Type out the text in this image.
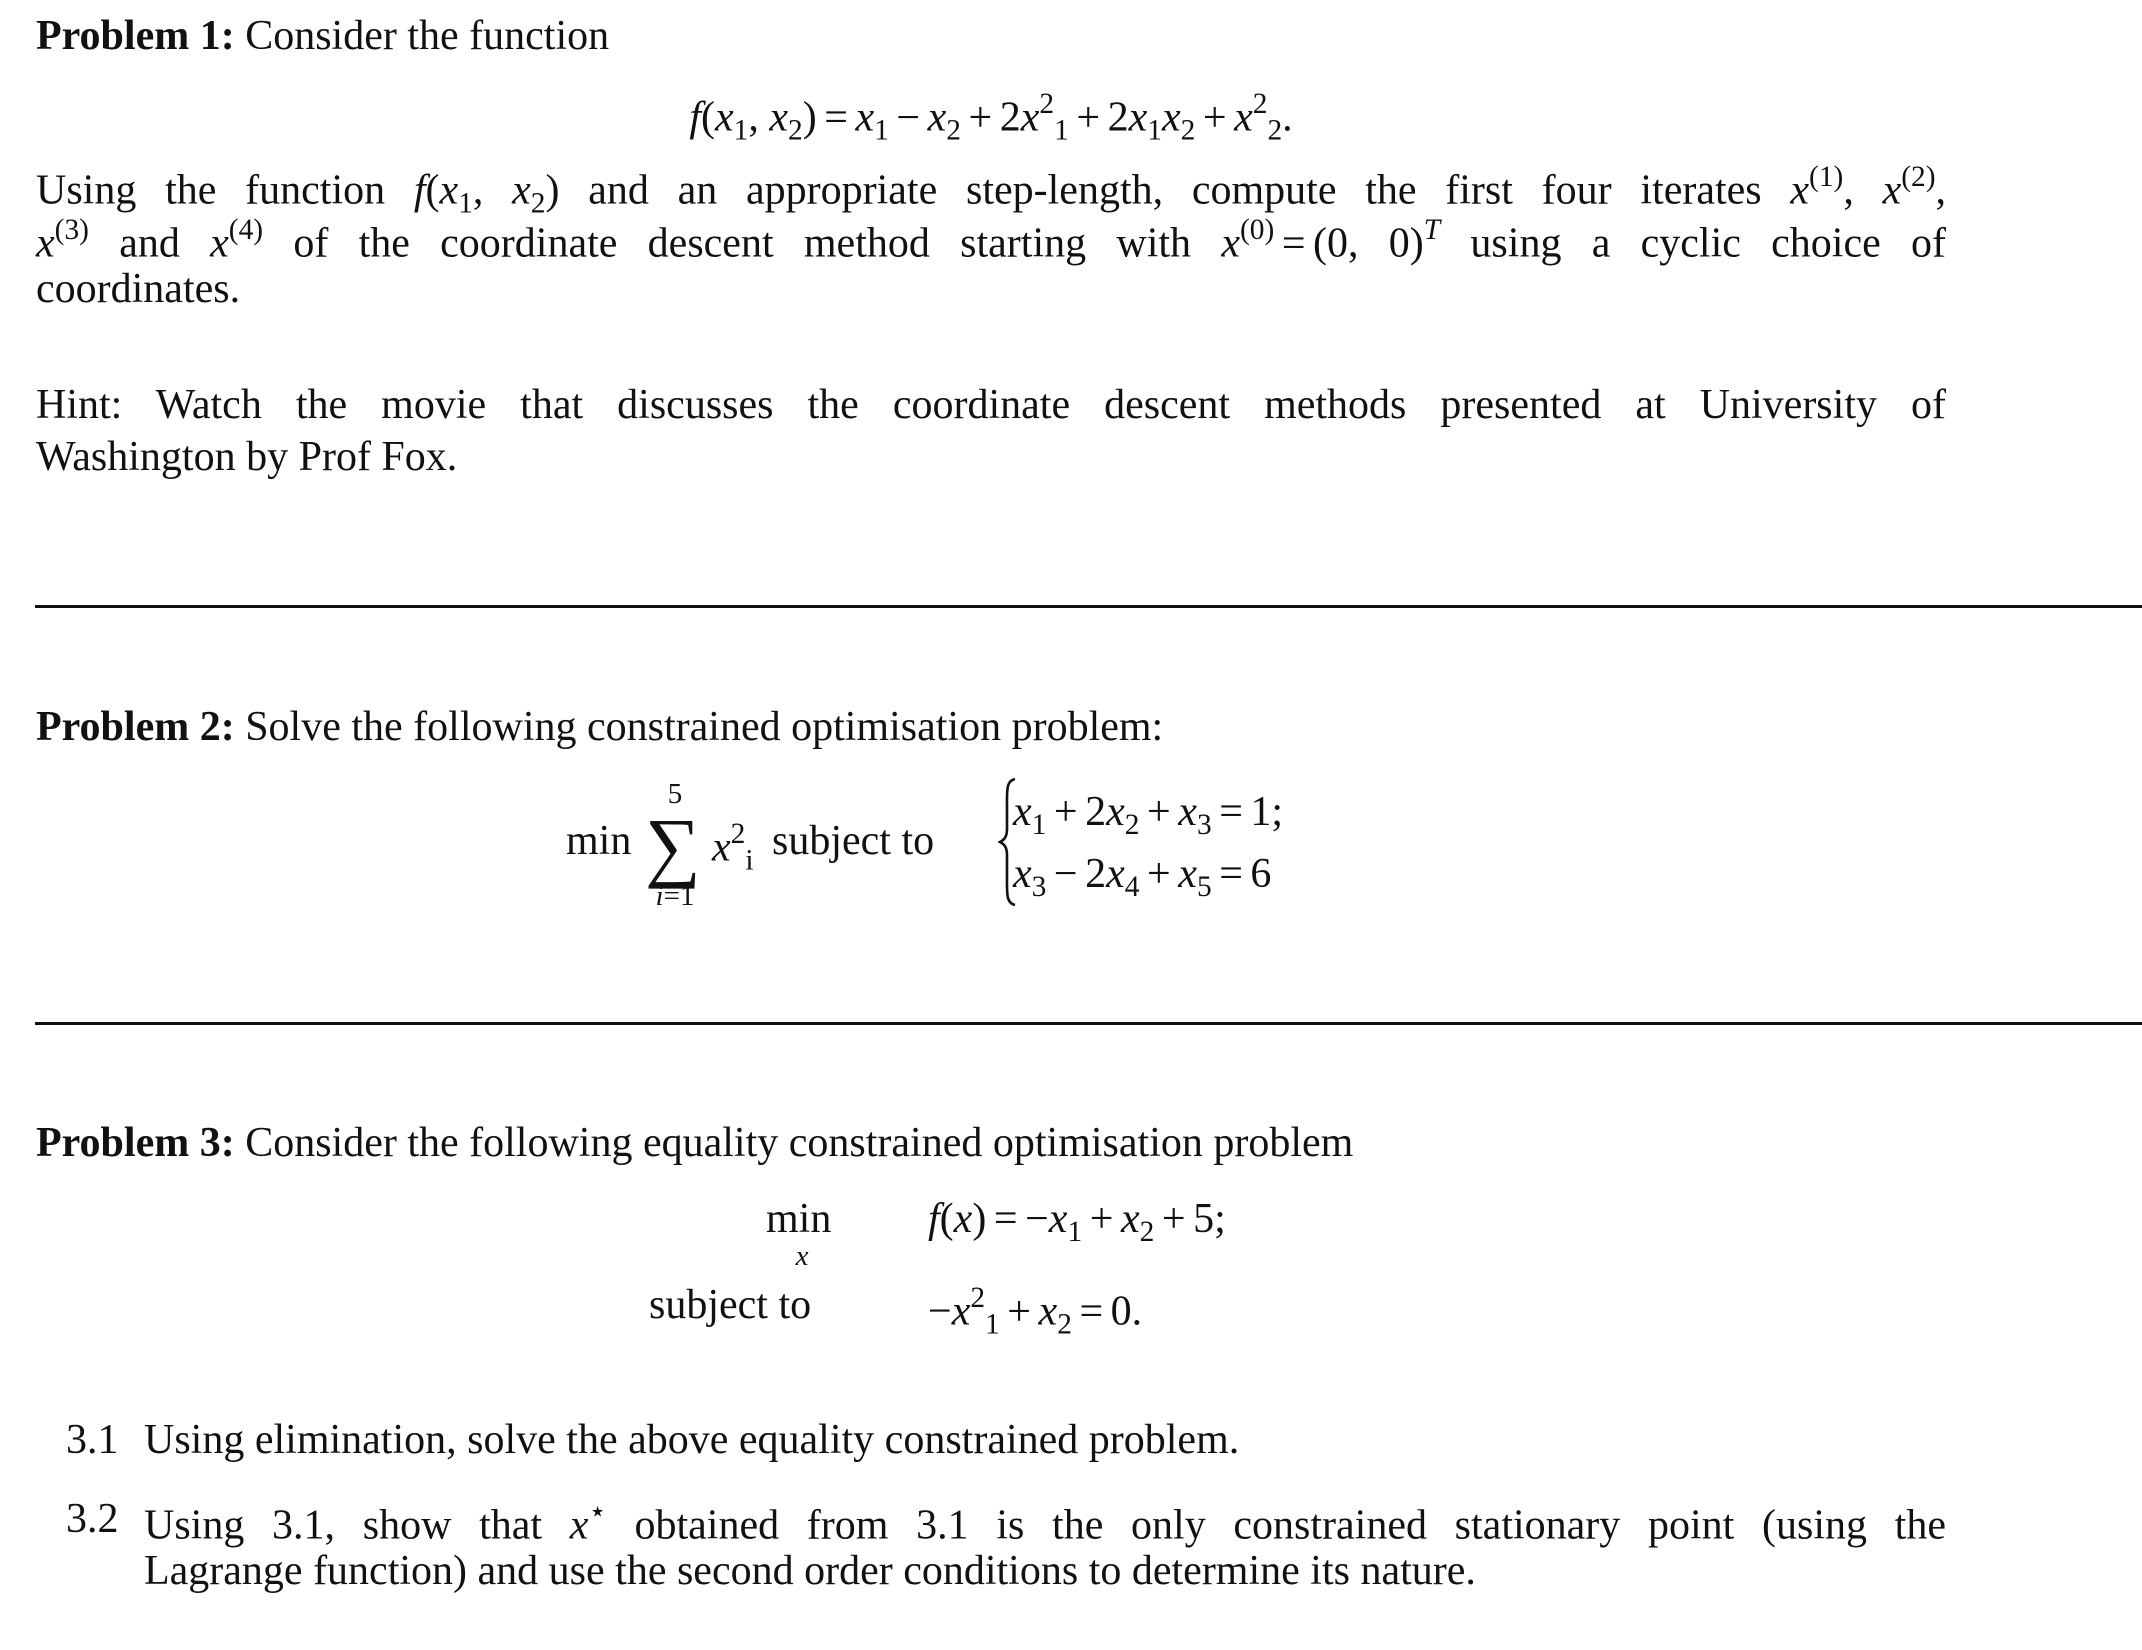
Problem 1: Consider the function
$f(x_1$, $x_2) = x_1 - x_2 + 2x^2_1 + 2x_1x_2 + x^2_2$.
Using the function $f(x_1$, $x_2$) and an appropriate step-length, compute the first four iterates $x^{(1)}$, $x^{(2)}$,
$x^{(3)}$ and $x^{(4)}$ of the coordinate descent method starting with $x^{(0)} = (0$, 0)$^T$ using a cyclic choice of
coordinates.
Hint: Watch the movie that discusses the coordinate descent methods presented at University of
Washington by Prof Fox.
Problem 2: Solve the following constrained optimisation problem:
min
5
∑
i=1
$x^2_i$ subject to
$x_1 + 2x_2 + x_3 = 1$;
$x_3 - 2x_4 + x_5 = 6$
Problem 3: Consider the following equality constrained optimisation problem
min
x
$f(x) = -x_1 + x_2 + 5$;
subject to	$-x^2_1 + x_2 = 0$.
3.1 Using elimination, solve the above equality constrained problem.
3.2 Using 3.1, show that x⋆ obtained from 3.1 is the only constrained stationary point (using the
Lagrange function) and use the second order conditions to determine its nature.
